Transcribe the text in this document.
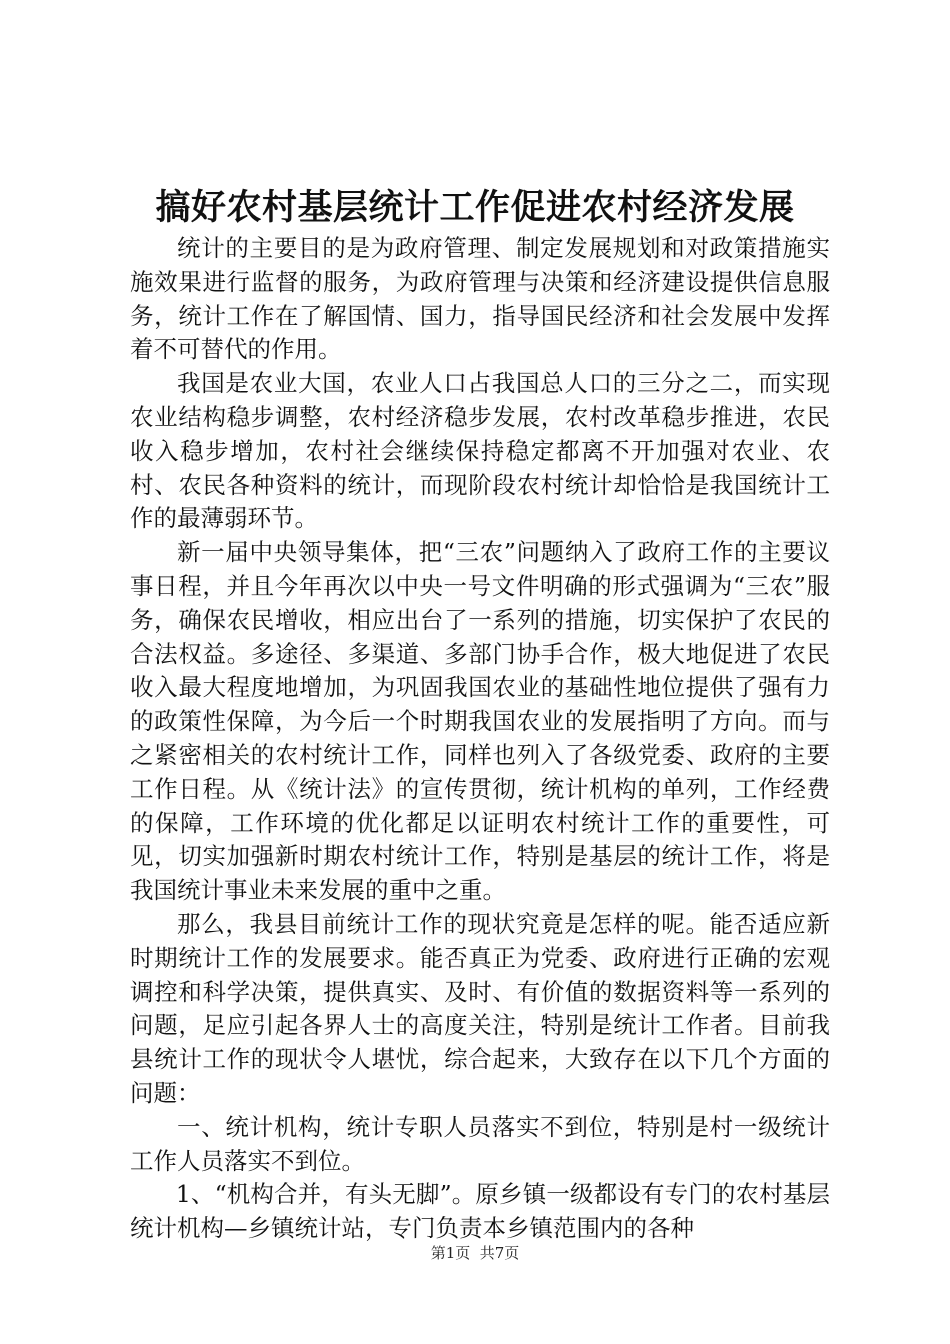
搞好农村基层统计工作促进农村经济发展

统计的主要目的是为政府管理、制定发展规划和对政策措施实施效果进行监督的服务，为政府管理与决策和经济建设提供信息服务，统计工作在了解国情、国力，指导国民经济和社会发展中发挥着不可替代的作用。

我国是农业大国，农业人口占我国总人口的三分之二，而实现农业结构稳步调整，农村经济稳步发展，农村改革稳步推进，农民收入稳步增加，农村社会继续保持稳定都离不开加强对农业、农村、农民各种资料的统计，而现阶段农村统计却恰恰是我国统计工作的最薄弱环节。

新一届中央领导集体，把“三农”问题纳入了政府工作的主要议事日程，并且今年再次以中央一号文件明确的形式强调为“三农”服务，确保农民增收，相应出台了一系列的措施，切实保护了农民的合法权益。多途径、多渠道、多部门协手合作，极大地促进了农民收入最大程度地增加，为巩固我国农业的基础性地位提供了强有力的政策性保障，为今后一个时期我国农业的发展指明了方向。而与之紧密相关的农村统计工作，同样也列入了各级党委、政府的主要工作日程。从《统计法》的宣传贯彻，统计机构的单列，工作经费的保障，工作环境的优化都足以证明农村统计工作的重要性，可见，切实加强新时期农村统计工作，特别是基层的统计工作，将是我国统计事业未来发展的重中之重。

那么，我县目前统计工作的现状究竟是怎样的呢。能否适应新时期统计工作的发展要求。能否真正为党委、政府进行正确的宏观调控和科学决策，提供真实、及时、有价值的数据资料等一系列的问题，足应引起各界人士的高度关注，特别是统计工作者。目前我县统计工作的现状令人堪忧，综合起来，大致存在以下几个方面的问题：

一、统计机构，统计专职人员落实不到位，特别是村一级统计工作人员落实不到位。

1、“机构合并，有头无脚”。原乡镇一级都设有专门的农村基层统计机构—乡镇统计站，专门负责本乡镇范围内的各种

第1页  共7页
